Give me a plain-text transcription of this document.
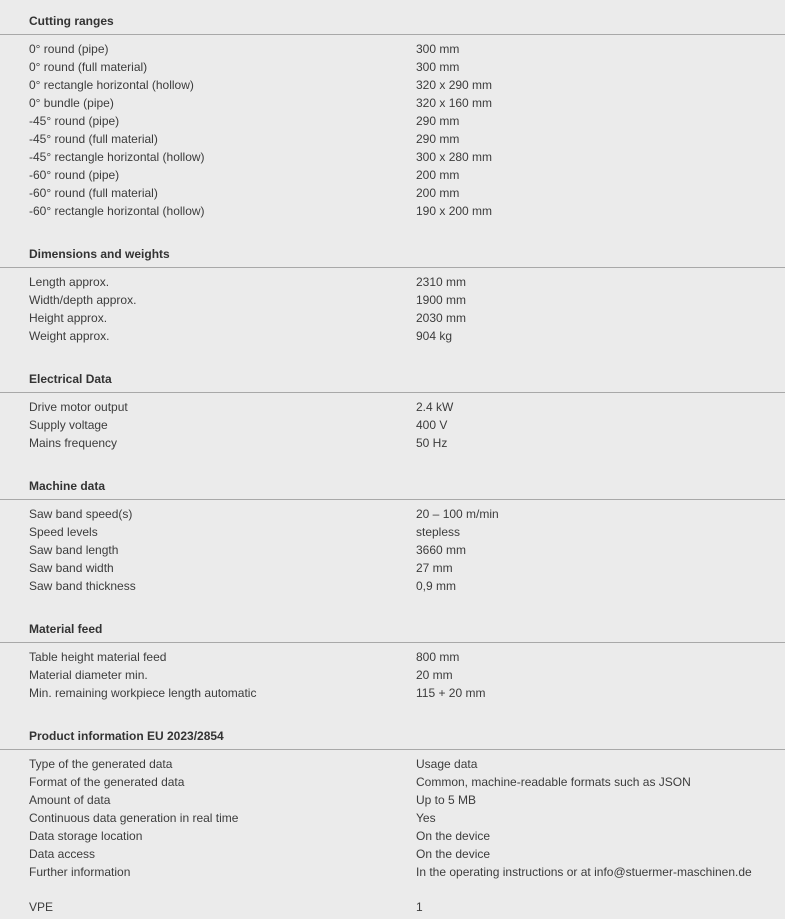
Cutting ranges
0° round (pipe)	300 mm
0° round (full material)	300 mm
0° rectangle horizontal (hollow)	320 x 290 mm
0° bundle (pipe)	320 x 160 mm
-45° round (pipe)	290 mm
-45° round (full material)	290 mm
-45° rectangle horizontal (hollow)	300 x 280 mm
-60° round (pipe)	200 mm
-60° round (full material)	200 mm
-60° rectangle horizontal (hollow)	190 x 200 mm
Dimensions and weights
Length approx.	2310 mm
Width/depth approx.	1900 mm
Height approx.	2030 mm
Weight approx.	904 kg
Electrical Data
Drive motor output	2.4 kW
Supply voltage	400 V
Mains frequency	50 Hz
Machine data
Saw band speed(s)	20 – 100 m/min
Speed levels	stepless
Saw band length	3660 mm
Saw band width	27 mm
Saw band thickness	0,9 mm
Material feed
Table height material feed	800 mm
Material diameter min.	20 mm
Min. remaining workpiece length automatic	115 + 20 mm
Product information EU 2023/2854
Type of the generated data	Usage data
Format of the generated data	Common, machine-readable formats such as JSON
Amount of data	Up to 5 MB
Continuous data generation in real time	Yes
Data storage location	On the device
Data access	On the device
Further information	In the operating instructions or at info@stuermer-maschinen.de
VPE	1
